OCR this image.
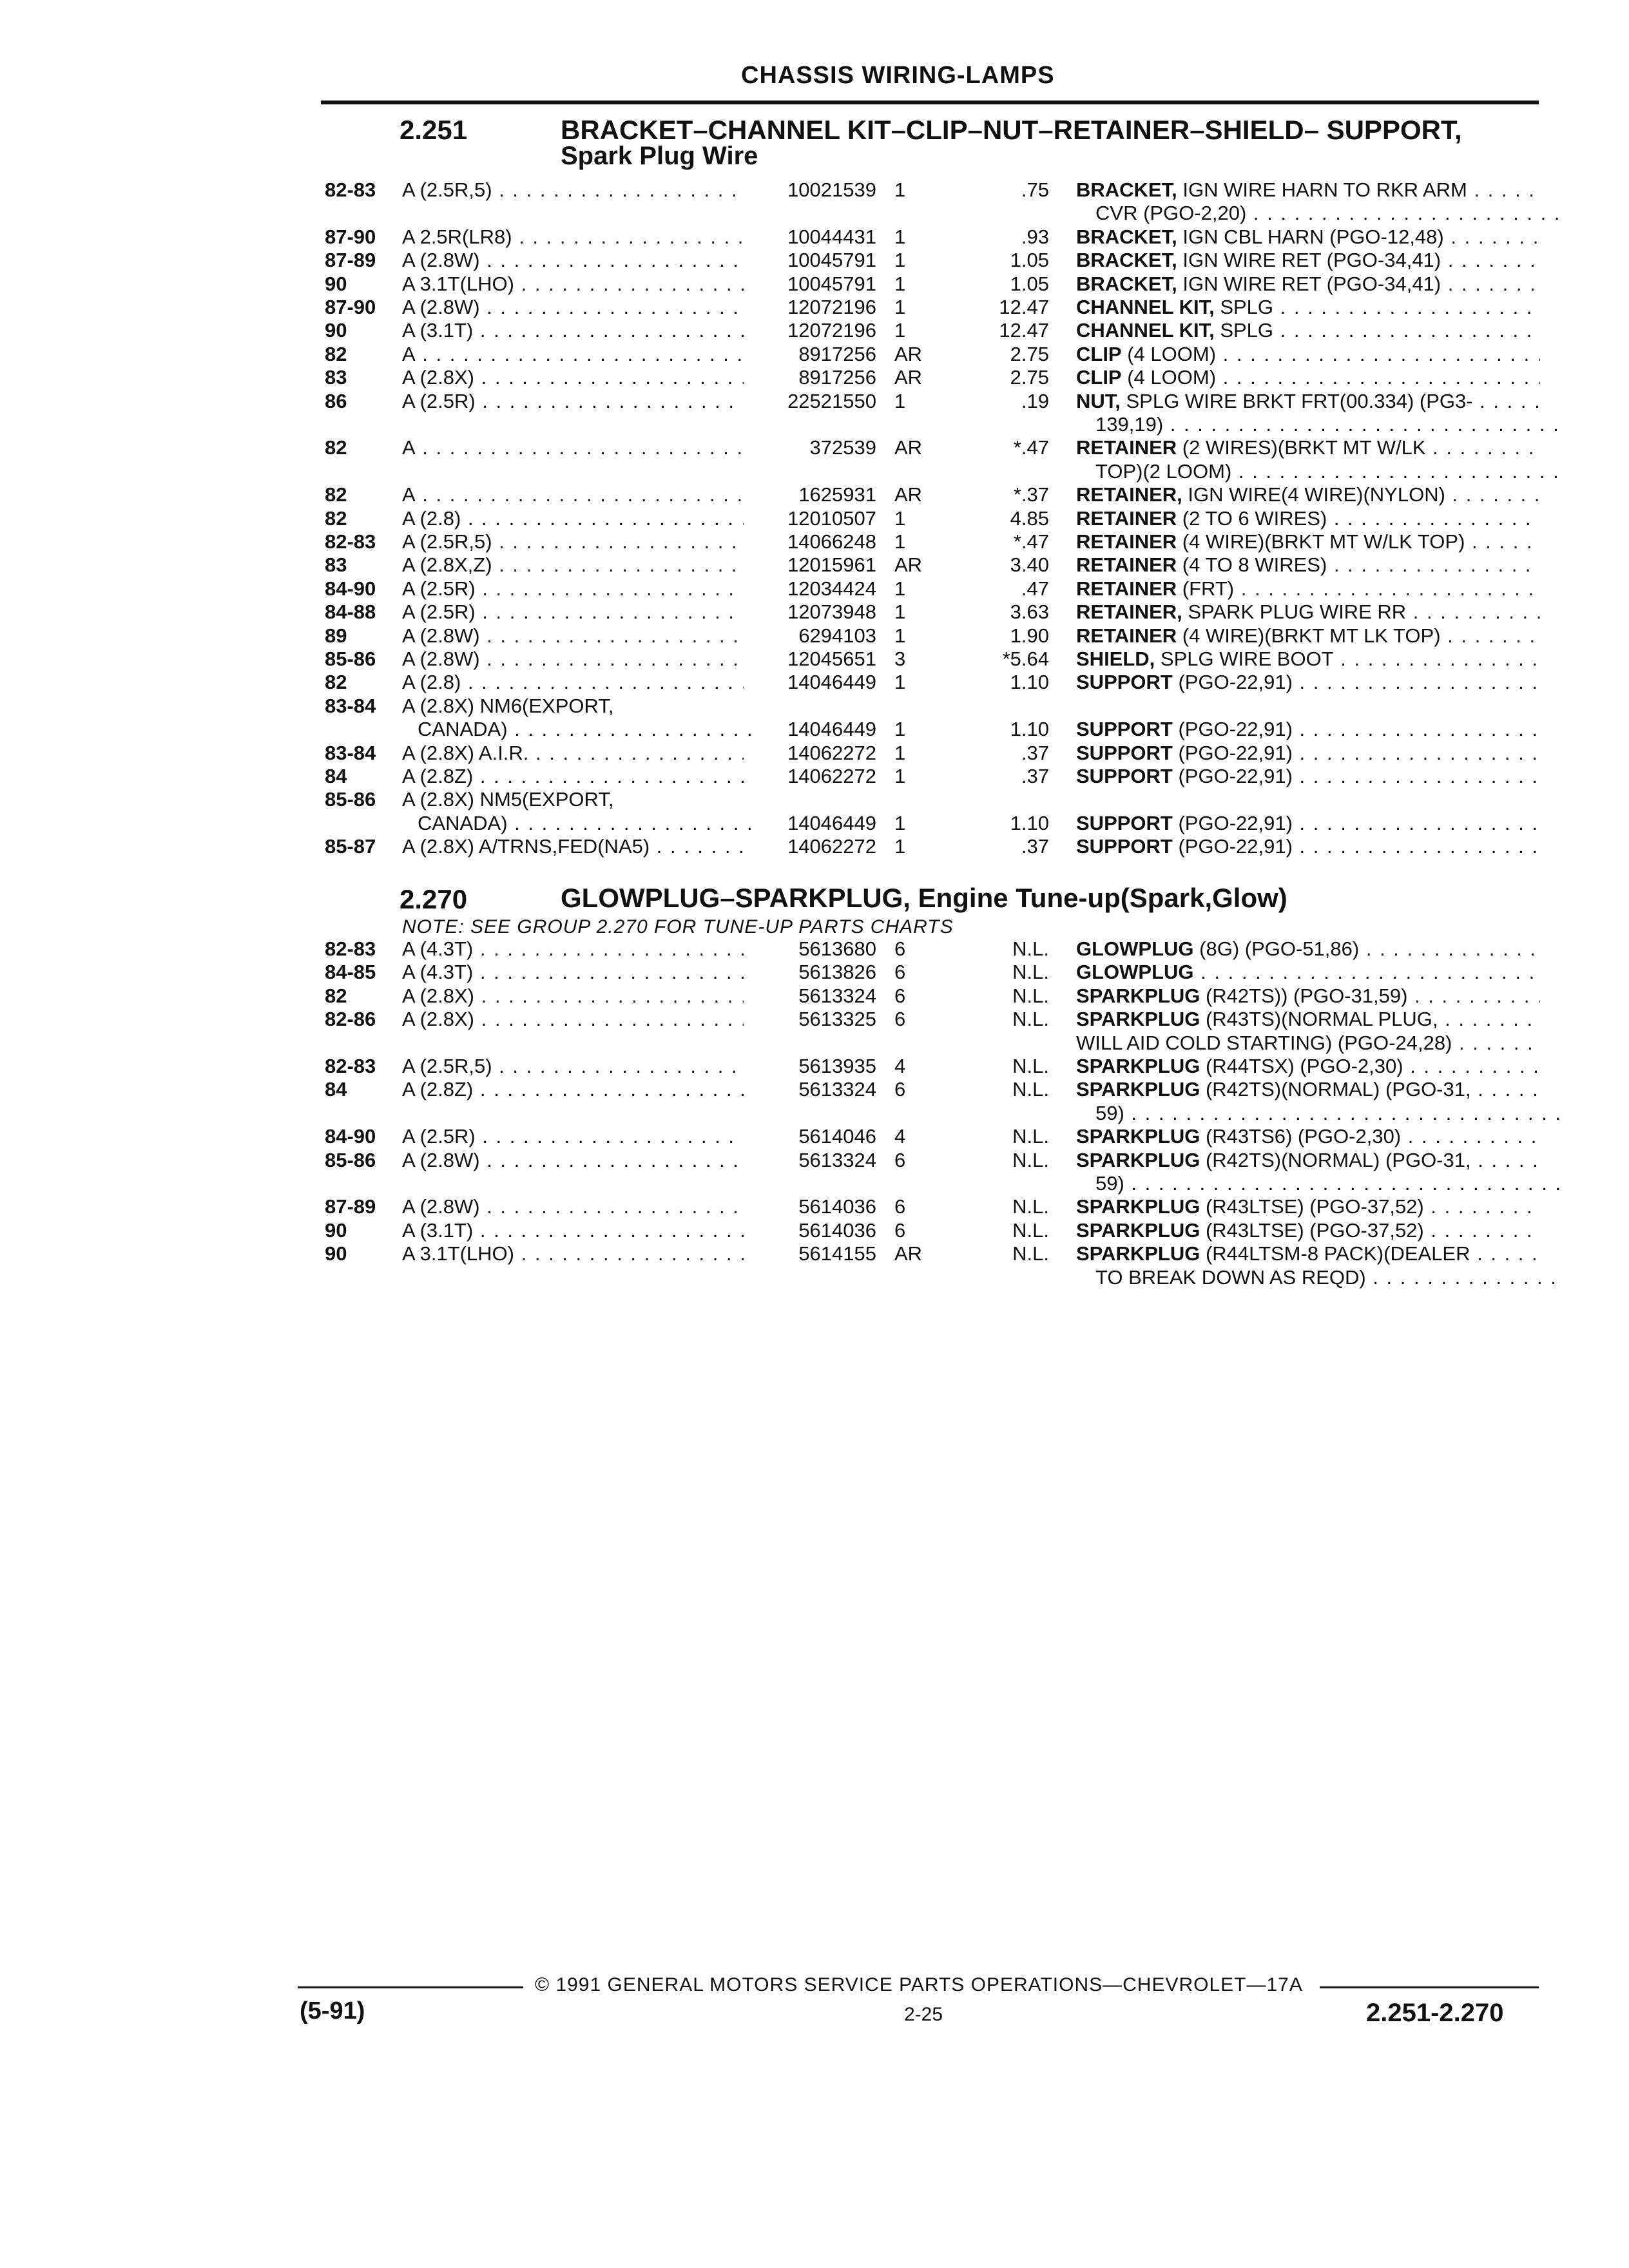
CHASSIS WIRING-LAMPS
2.251	BRACKET–CHANNEL KIT–CLIP–NUT–RETAINER–SHIELD– SUPPORT,
Spark Plug Wire
82-83 A (2.5R,5) . . .	10021539 1	.75 BRACKET, IGN WIRE HARN TO RKR ARM . . .
CVR (PGO-2,20) . . .
87-90 A 2.5R(LR8) . . .	10044431 1	.93 BRACKET, IGN CBL HARN (PGO-12,48) . . .
87-89 A (2.8W) . . .	10045791 1	1.05 BRACKET, IGN WIRE RET (PGO-34,41) . . .
90	A 3.1T(LHO) . . .	10045791 1	1.05 BRACKET, IGN WIRE RET (PGO-34,41) . . .
87-90 A (2.8W) . . .	12072196 1	12.47 CHANNEL KIT, SPLG . . .
90	A (3.1T) . . .	12072196 1	12.47 CHANNEL KIT, SPLG . . .
82	A . . .	8917256 AR	2.75 CLIP (4 LOOM) . . .
83	A (2.8X) . . .	8917256 AR	2.75 CLIP (4 LOOM) . . .
86	A (2.5R) . . .	22521550 1	.19 NUT, SPLG WIRE BRKT FRT(00.334) (PG3- . . .
139,19) . . .
82	A . . .	372539 AR	*.47 RETAINER (2 WIRES)(BRKT MT W/LK . . .
TOP)(2 LOOM) . . .
82	A . . .	1625931 AR	*.37 RETAINER, IGN WIRE(4 WIRE)(NYLON) . . .
82	A (2.8) . . .	12010507 1	4.85 RETAINER (2 TO 6 WIRES) . . .
82-83 A (2.5R,5) . . .	14066248 1	*.47 RETAINER (4 WIRE)(BRKT MT W/LK TOP) . . .
83	A (2.8X,Z) . . .	12015961 AR	3.40 RETAINER (4 TO 8 WIRES) . . .
84-90 A (2.5R) . . .	12034424 1	.47 RETAINER (FRT) . . .
84-88 A (2.5R) . . .	12073948 1	3.63 RETAINER, SPARK PLUG WIRE RR . . .
89	A (2.8W) . . .	6294103 1	1.90 RETAINER (4 WIRE)(BRKT MT LK TOP) . . .
85-86 A (2.8W) . . .	12045651 3	*5.64 SHIELD, SPLG WIRE BOOT . . .
82	A (2.8) . . .	14046449 1	1.10 SUPPORT (PGO-22,91) . . .
83-84 A (2.8X) NM6(EXPORT,
CANADA) . . .	14046449 1	1.10 SUPPORT (PGO-22,91) . . .
83-84 A (2.8X) A.I.R. . . .	14062272 1	.37 SUPPORT (PGO-22,91) . . .
84	A (2.8Z) . . .	14062272 1	.37 SUPPORT (PGO-22,91) . . .
85-86 A (2.8X) NM5(EXPORT,
CANADA) . . .	14046449 1	1.10 SUPPORT (PGO-22,91) . . .
85-87 A (2.8X) A/TRNS,FED(NA5) . . .	14062272 1	.37 SUPPORT (PGO-22,91) . . .
2.270	GLOWPLUG–SPARKPLUG, Engine Tune-up(Spark,Glow)
NOTE: SEE GROUP 2.270 FOR TUNE-UP PARTS CHARTS
82-83 A (4.3T) . . .	5613680 6	N.L. GLOWPLUG (8G) (PGO-51,86) . . .
84-85 A (4.3T) . . .	5613826 6	N.L. GLOWPLUG . . .
82	A (2.8X) . . .	5613324 6	N.L. SPARKPLUG (R42TS)) (PGO-31,59) . . .
82-86 A (2.8X) . . .	5613325 6	N.L. SPARKPLUG (R43TS)(NORMAL PLUG, . . .
WILL AID COLD STARTING) (PGO-24,28) . . .
82-83 A (2.5R,5) . . .	5613935 4	N.L. SPARKPLUG (R44TSX) (PGO-2,30) . . .
84	A (2.8Z) . . .	5613324 6	N.L. SPARKPLUG (R42TS)(NORMAL) (PGO-31, . . .
59) . . .
84-90 A (2.5R) . . .	5614046 4	N.L. SPARKPLUG (R43TS6) (PGO-2,30) . . .
85-86 A (2.8W) . . .	5613324 6	N.L. SPARKPLUG (R42TS)(NORMAL) (PGO-31, . . .
59) . . .
87-89 A (2.8W) . . .	5614036 6	N.L. SPARKPLUG (R43LTSE) (PGO-37,52) . . .
90	A (3.1T) . . .	5614036 6	N.L. SPARKPLUG (R43LTSE) (PGO-37,52) . . .
90	A 3.1T(LHO) . . .	5614155 AR	N.L. SPARKPLUG (R44LTSM-8 PACK)(DEALER . . .
TO BREAK DOWN AS REQD) . . .
© 1991 GENERAL MOTORS SERVICE PARTS OPERATIONS—CHEVROLET—17A
(5-91)	2-25	2.251-2.270
